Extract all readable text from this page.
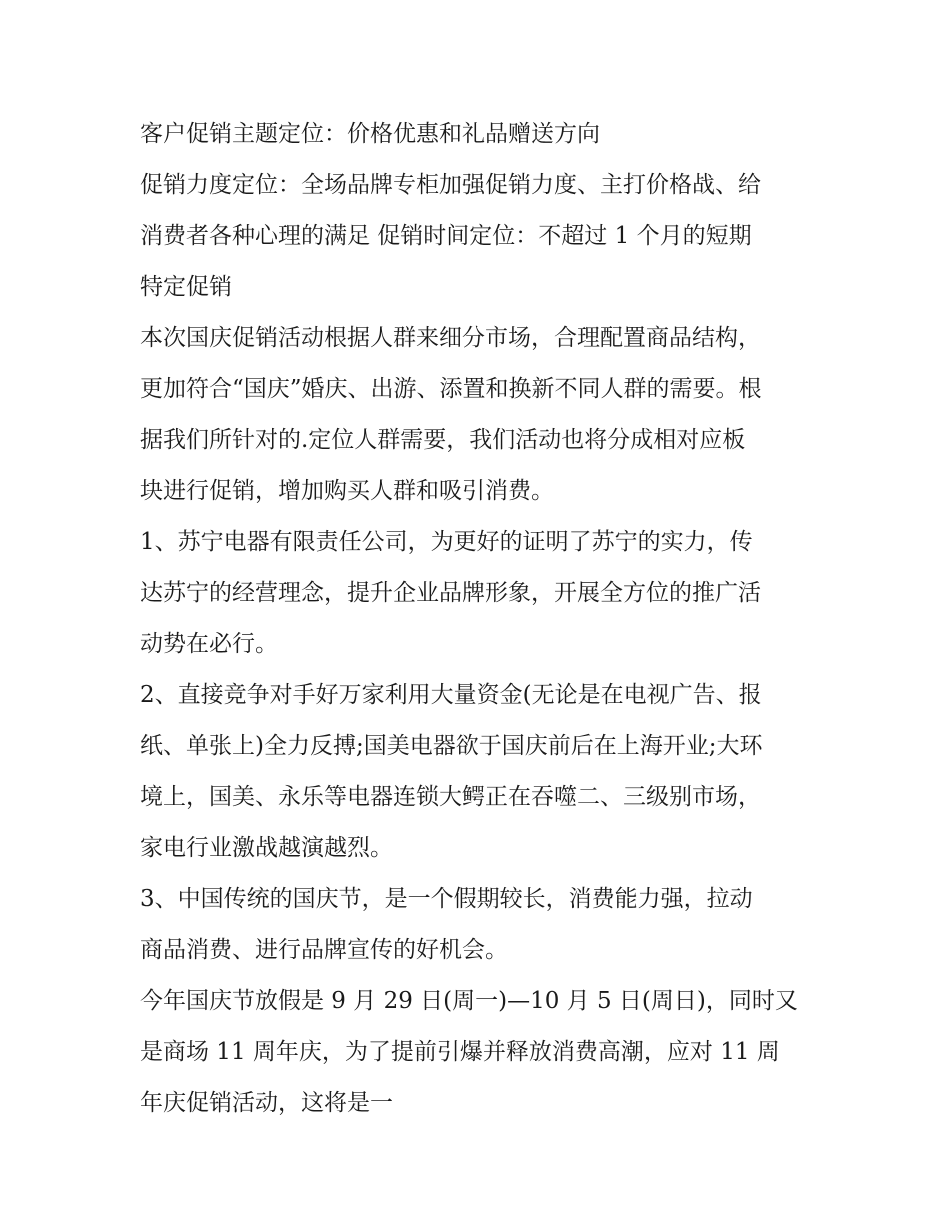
客户促销主题定位：价格优惠和礼品赠送方向

促销力度定位：全场品牌专柜加强促销力度、主打价格战、给
消费者各种心理的满足 促销时间定位：不超过 1 个月的短期
特定促销

本次国庆促销活动根据人群来细分市场，合理配置商品结构，
更加符合“国庆”婚庆、出游、添置和换新不同人群的需要。根
据我们所针对的.定位人群需要，我们活动也将分成相对应板
块进行促销，增加购买人群和吸引消费。

1、苏宁电器有限责任公司，为更好的证明了苏宁的实力，传
达苏宁的经营理念，提升企业品牌形象，开展全方位的推广活
动势在必行。

2、直接竞争对手好万家利用大量资金(无论是在电视广告、报
纸、单张上)全力反搏;国美电器欲于国庆前后在上海开业;大环
境上，国美、永乐等电器连锁大鳄正在吞噬二、三级别市场，
家电行业激战越演越烈。

3、中国传统的国庆节，是一个假期较长，消费能力强，拉动
商品消费、进行品牌宣传的好机会。

今年国庆节放假是 9 月 29 日(周一)—10 月 5 日(周日)，同时又
是商场 11 周年庆，为了提前引爆并释放消费高潮，应对 11 周
年庆促销活动，这将是一
